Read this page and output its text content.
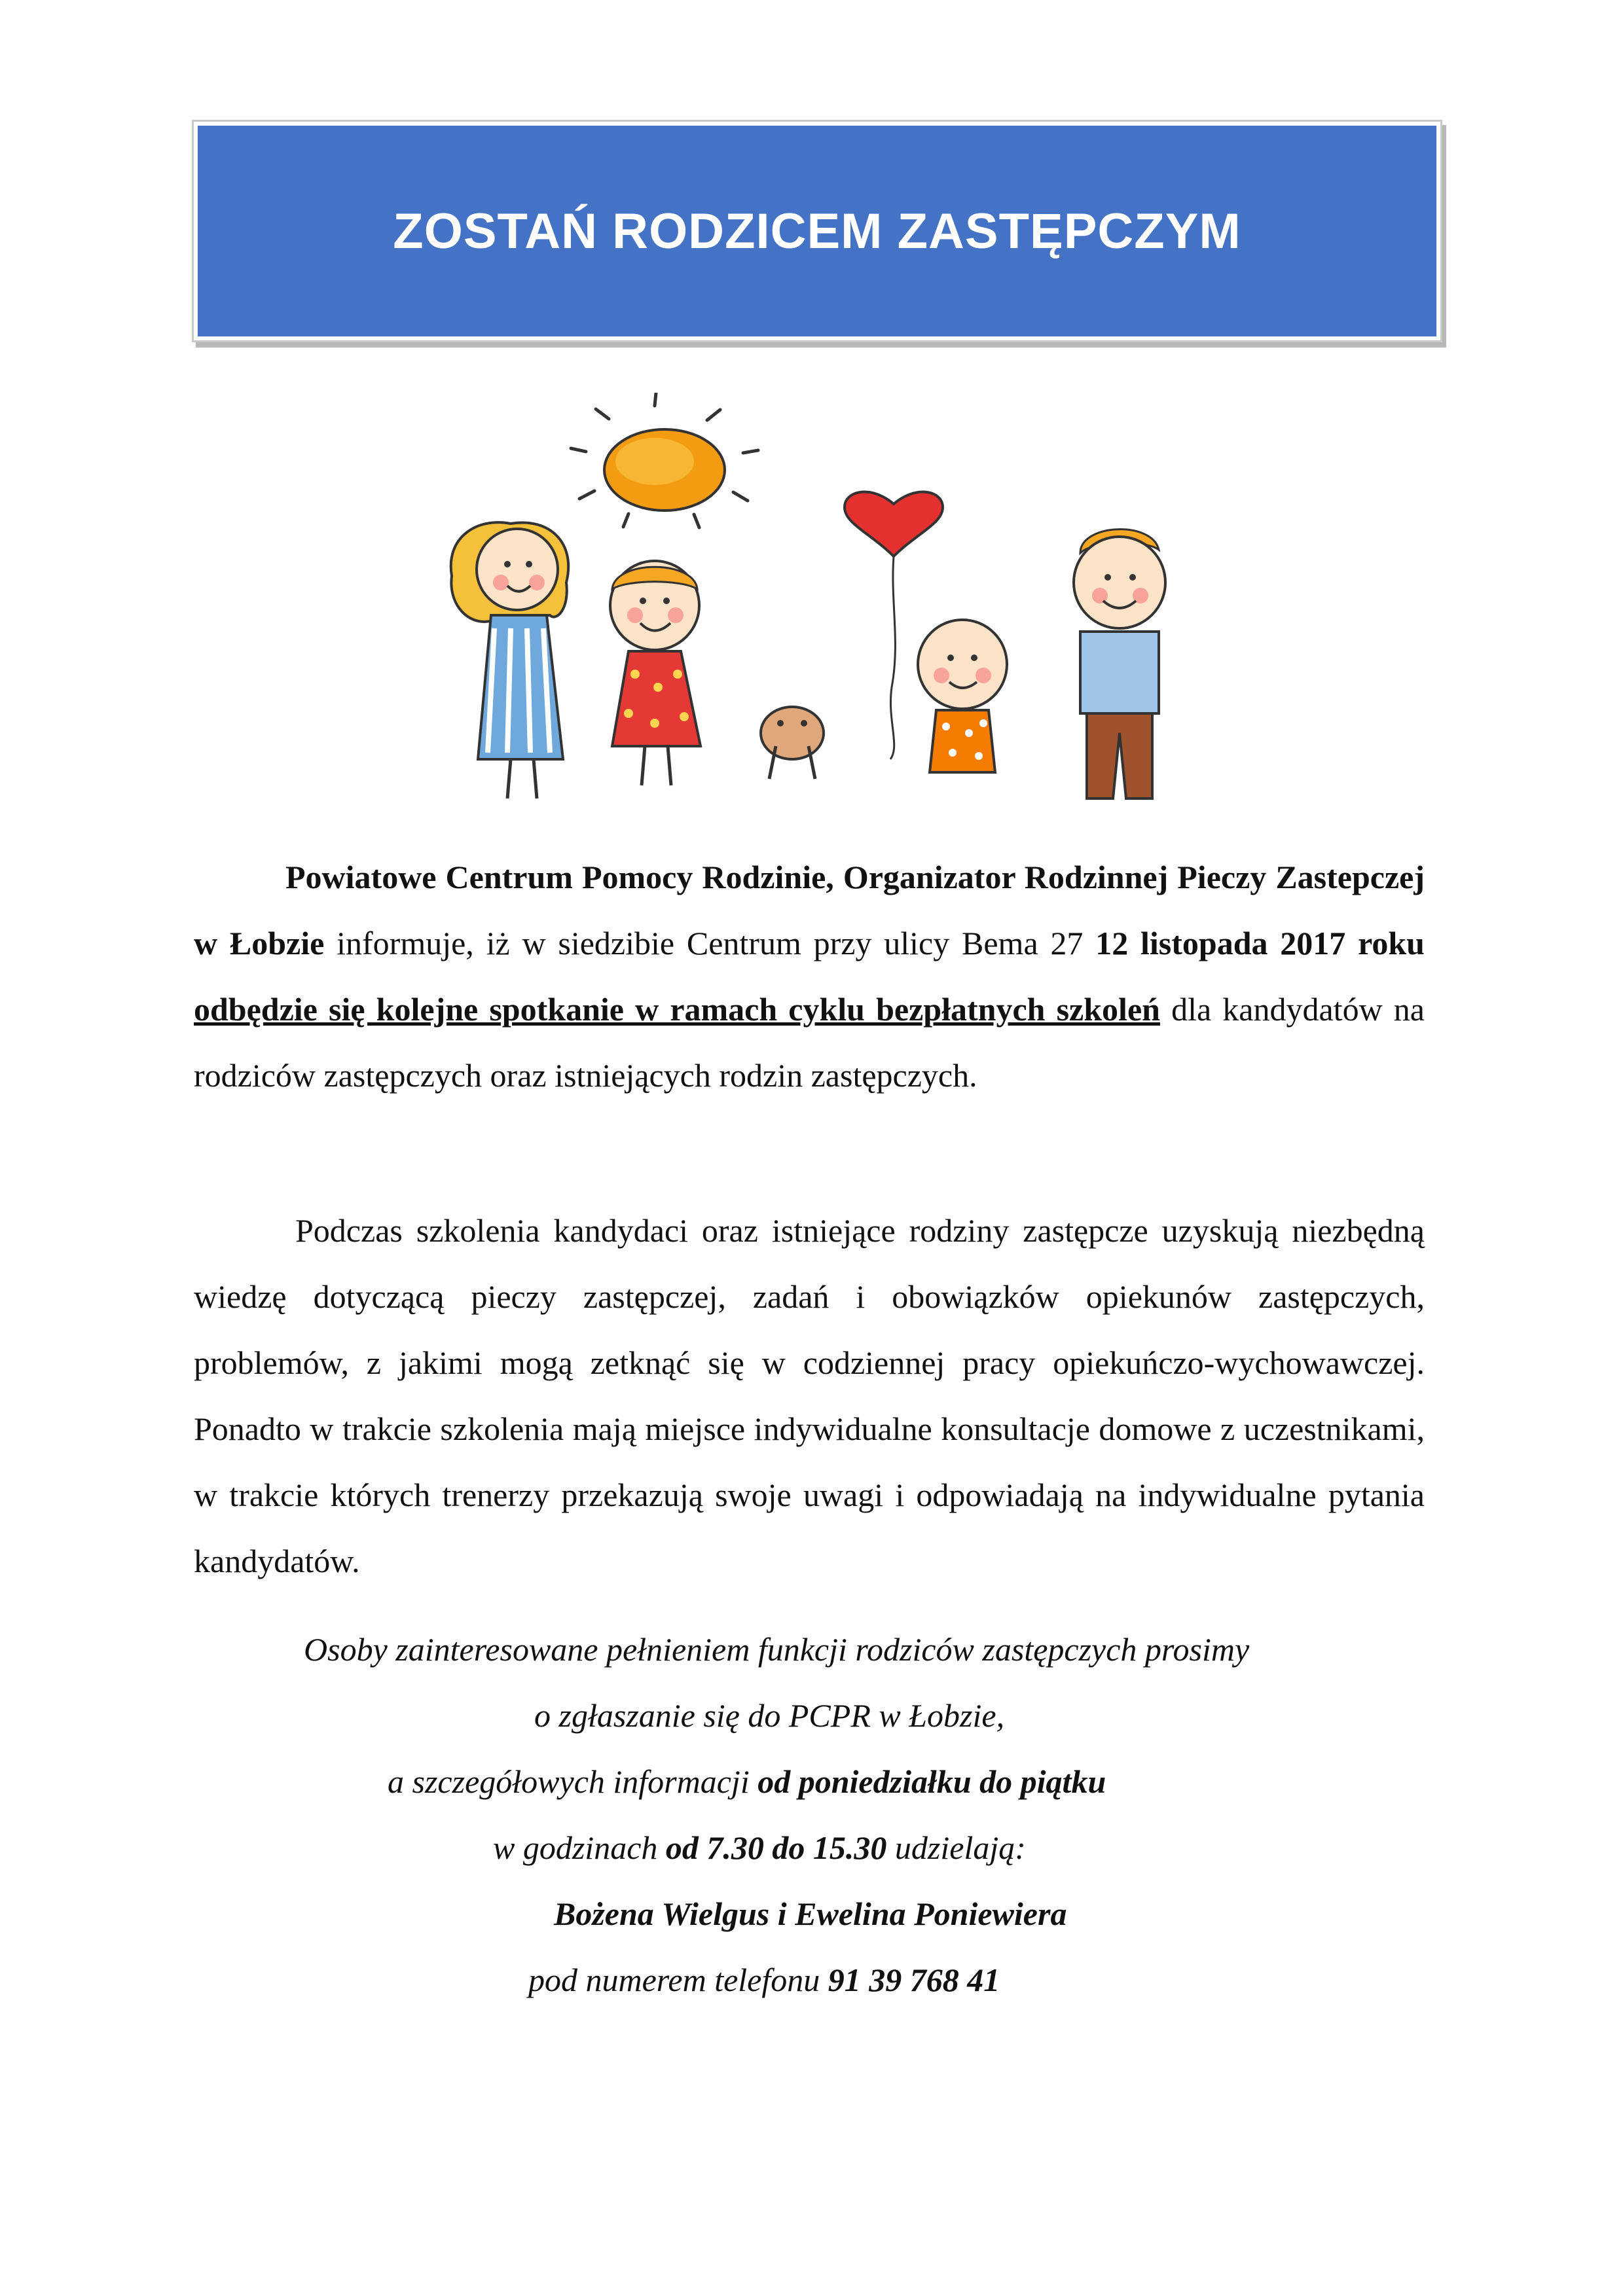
ZOSTAŃ RODZICEM ZASTĘPCZYM
Powiatowe Centrum Pomocy Rodzinie, Organizator Rodzinnej Pieczy Zastepczej w Łobzie informuje, iż w siedzibie Centrum przy ulicy Bema 27 12 listopada 2017 roku odbędzie się kolejne spotkanie w ramach cyklu bezpłatnych szkoleń dla kandydatów na rodziców zastępczych oraz istniejących rodzin zastępczych.
Podczas szkolenia kandydaci oraz istniejące rodziny zastępcze uzyskują niezbędną wiedzę dotyczącą pieczy zastępczej, zadań i obowiązków opiekunów zastępczych, problemów, z jakimi mogą zetknąć się w codziennej pracy opiekuńczo-wychowawczej. Ponadto w trakcie szkolenia mają miejsce indywidualne konsultacje domowe z uczestnikami, w trakcie których trenerzy przekazują swoje uwagi i odpowiadają na indywidualne pytania kandydatów.
Osoby zainteresowane pełnieniem funkcji rodziców zastępczych prosimy
o zgłaszanie się do PCPR w Łobzie,
a szczegółowych informacji od poniedziałku do piątku
w godzinach od 7.30 do 15.30 udzielają:
Bożena Wielgus i Ewelina Poniewiera
pod numerem telefonu 91 39 768 41
